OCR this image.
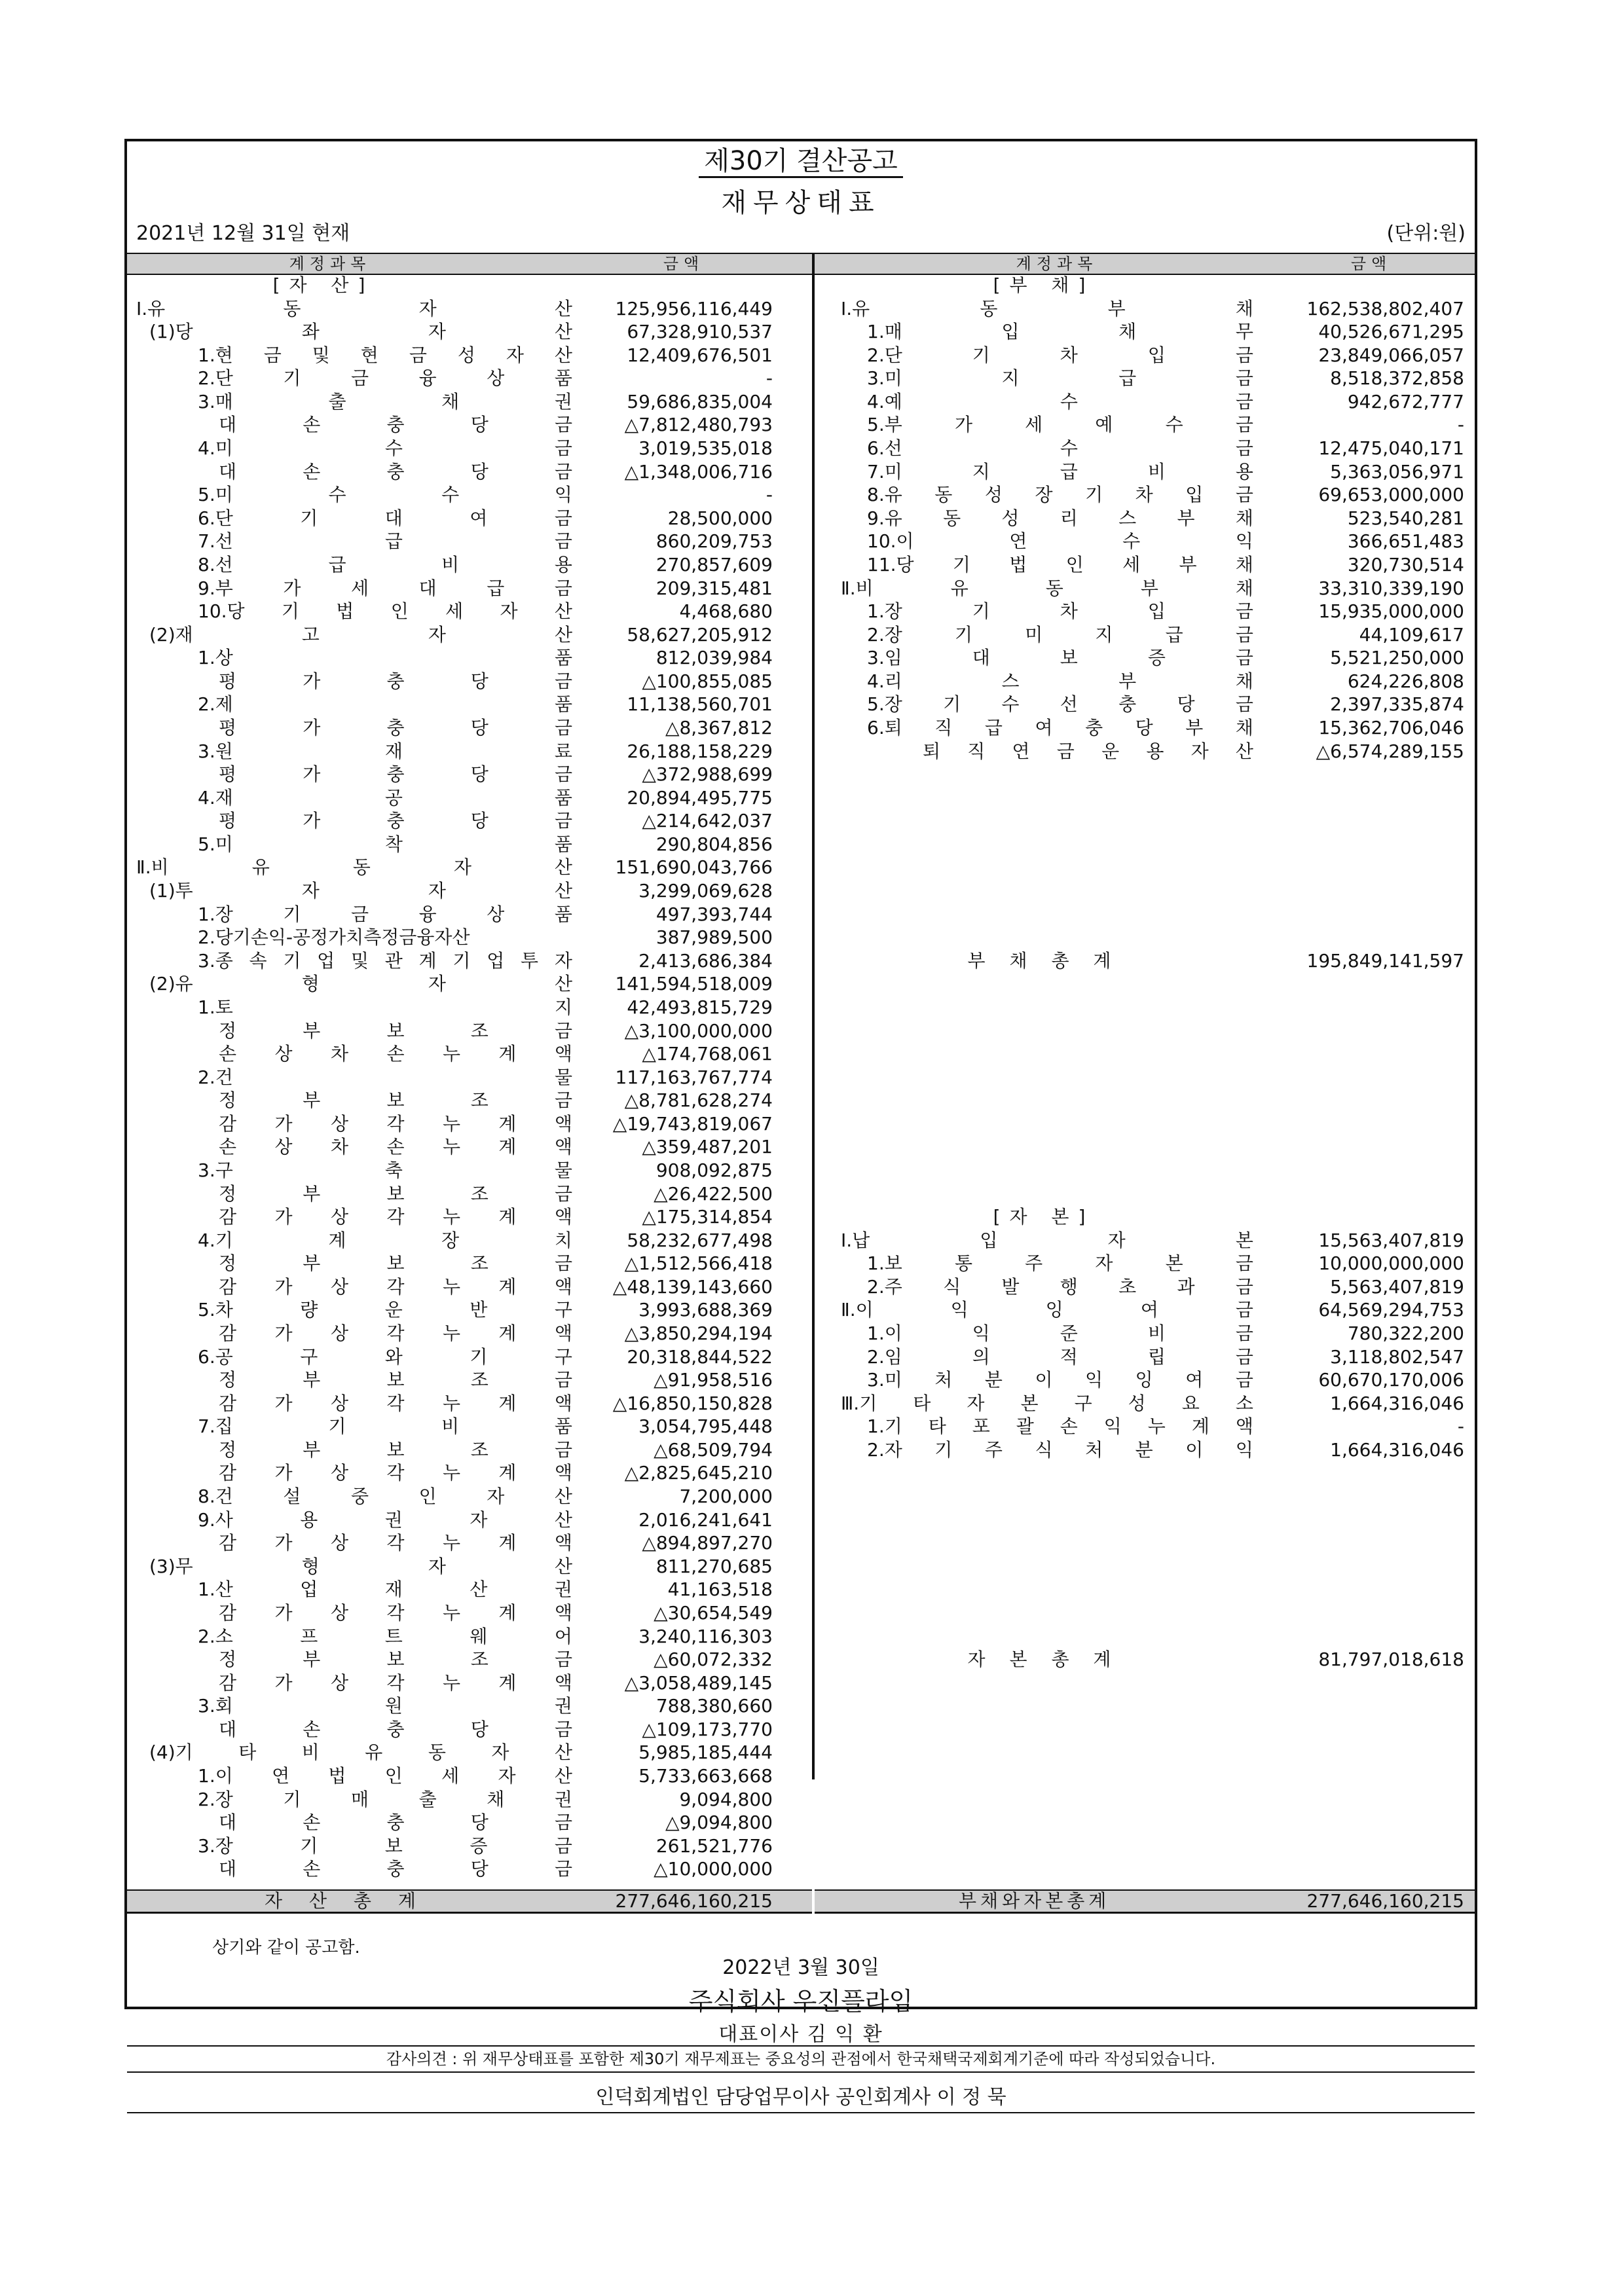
제30기 결산공고
재무상태표
2021년 12월 31일 현재	(단위:원)
계정과목	금액	계정과목	금액
[자 산]
Ⅰ.유	동	자	산	125,956,116,449
(1)당	좌	자	산	67,328,910,537
1.현 금 및 현 금 성 자 산	12,409,676,501
2.단	기	금	융	상	품	-
3.매	출	채	권	59,686,835,004
대	손	충	당	금	△7,812,480,793
4.미	수	금	3,019,535,018
대	손	충	당	금	△1,348,006,716
5.미	수	수	익	-
6.단	기	대	여	금	28,500,000
7.선	급	금	860,209,753
8.선	급	비	용	270,857,609
9.부	가	세	대	급	금	209,315,481
10.당 기 법 인 세 자 산	4,468,680
(2)재	고	자	산	58,627,205,912
1.상	품	812,039,984
평	가	충	당	금	△100,855,085
2.제	품	11,138,560,701
평	가	충	당	금	△8,367,812
3.원	재	료	26,188,158,229
평	가	충	당	금	△372,988,699
4.재	공	품	20,894,495,775
평	가	충	당	금	△214,642,037
5.미	착	품	290,804,856
Ⅱ.비	유	동	자	산	151,690,043,766
(1)투	자	자	산	3,299,069,628
1.장	기	금	융	상	품	497,393,744
2.당기손익-공정가치측정금융자산	387,989,500
3.종 속 기 업 및 관 계 기 업 투 자	2,413,686,384
(2)유	형	자	산	141,594,518,009
1.토	지	42,493,815,729
정	부	보	조	금	△3,100,000,000
손 상 차 손 누 계 액	△174,768,061
2.건	물	117,163,767,774
정	부	보	조	금	△8,781,628,274
감 가 상 각 누 계 액	△19,743,819,067
손 상 차 손 누 계 액	△359,487,201
3.구	축	물	908,092,875
정	부	보	조	금	△26,422,500
감 가 상 각 누 계 액	△175,314,854
4.기	계	장	치	58,232,677,498
정	부	보	조	금	△1,512,566,418
감 가 상 각 누 계 액	△48,139,143,660
5.차	량	운	반	구	3,993,688,369
감 가 상 각 누 계 액	△3,850,294,194
6.공	구	와	기	구	20,318,844,522
정	부	보	조	금	△91,958,516
감 가 상 각 누 계 액	△16,850,150,828
7.집	기	비	품	3,054,795,448
정	부	보	조	금	△68,509,794
감 가 상 각 누 계 액	△2,825,645,210
8.건	설	중	인	자	산	7,200,000
9.사	용	권	자	산	2,016,241,641
감 가 상 각 누 계 액	△894,897,270
(3)무	형	자	산	811,270,685
1.산	업	재	산	권	41,163,518
감 가 상 각 누 계 액	△30,654,549
2.소	프	트	웨	어	3,240,116,303
정	부	보	조	금	△60,072,332
감 가 상 각 누 계 액	△3,058,489,145
3.회	원	권	788,380,660
대	손	충	당	금	△109,173,770
(4)기 타 비 유 동 자 산	5,985,185,444
1.이 연 법 인 세 자 산	5,733,663,668
2.장	기	매	출	채	권	9,094,800
대	손	충	당	금	△9,094,800
3.장	기	보	증	금	261,521,776
대	손	충	당	금	△10,000,000
[부 채]
Ⅰ.유	동	부	채	162,538,802,407
1.매	입	채	무	40,526,671,295
2.단	기	차	입	금	23,849,066,057
3.미	지	급	금	8,518,372,858
4.예	수	금	942,672,777
5.부	가	세	예	수	금	-
6.선	수	금	12,475,040,171
7.미	지	급	비	용	5,363,056,971
8.유 동 성 장 기 차 입 금	69,653,000,000
9.유 동 성 리 스 부 채	523,540,281
10.이	연	수	익	366,651,483
11.당 기 법 인 세 부 채	320,730,514
Ⅱ.비	유	동	부	채	33,310,339,190
1.장	기	차	입	금	15,935,000,000
2.장	기	미	지	급	금	44,109,617
3.임	대	보	증	금	5,521,250,000
4.리	스	부	채	624,226,808
5.장 기 수 선 충 당 금	2,397,335,874
6.퇴 직 급 여 충 당 부 채	15,362,706,046
퇴 직 연 금 운 용 자 산	△6,574,289,155
부 채 총 계	195,849,141,597
[자 본]
Ⅰ.납	입	자	본	15,563,407,819
1.보	통	주	자	본	금	10,000,000,000
2.주 식 발 행 초 과 금	5,563,407,819
Ⅱ.이	익	잉	여	금	64,569,294,753
1.이	익	준	비	금	780,322,200
2.임	의	적	립	금	3,118,802,547
3.미 처 분 이 익 잉 여 금	60,670,170,006
Ⅲ.기 타 자 본 구 성 요 소	1,664,316,046
1.기 타 포 괄 손 익 누 계 액	-
2.자 기 주 식 처 분 이 익	1,664,316,046
자 본 총 계	81,797,018,618
자 산 총 계	277,646,160,215	부채와자본총계	277,646,160,215
상기와 같이 공고함.
2022년 3월 30일
주식회사 우진플라임
대표이사 김 익 환
감사의견 : 위 재무상태표를 포함한 제30기 재무제표는 중요성의 관점에서 한국채택국제회계기준에 따라 작성되었습니다.
인덕회계법인 담당업무이사 공인회계사 이 정 묵
